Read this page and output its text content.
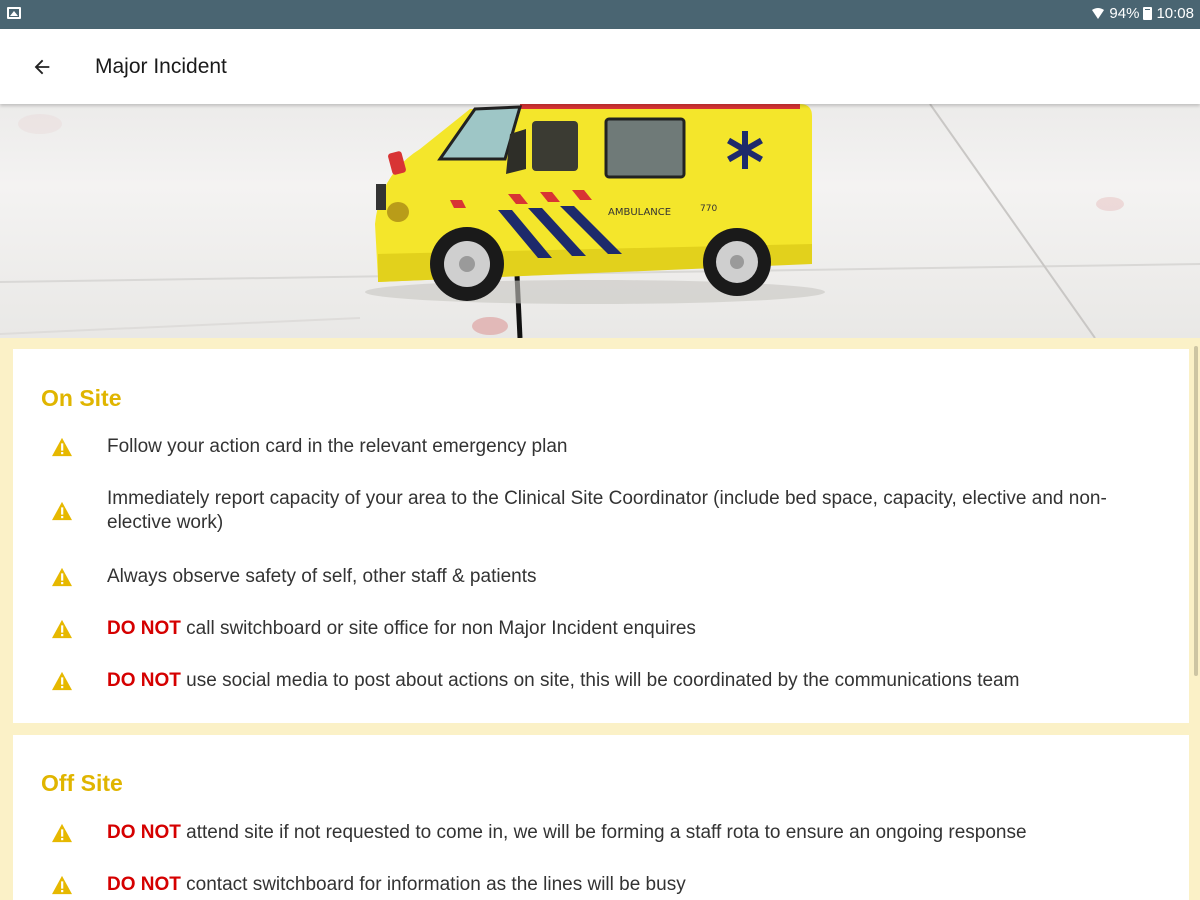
94% 10:08
Major Incident
AMBULANCE	770
On Site
Follow your action card in the relevant emergency plan
Immediately report capacity of your area to the Clinical Site Coordinator (include bed space, capacity, elective and non-elective work)
Always observe safety of self, other staff & patients
DO NOT call switchboard or site office for non Major Incident enquires
DO NOT use social media to post about actions on site, this will be coordinated by the communications team
Off Site
DO NOT attend site if not requested to come in, we will be forming a staff rota to ensure an ongoing response
DO NOT contact switchboard for information as the lines will be busy
